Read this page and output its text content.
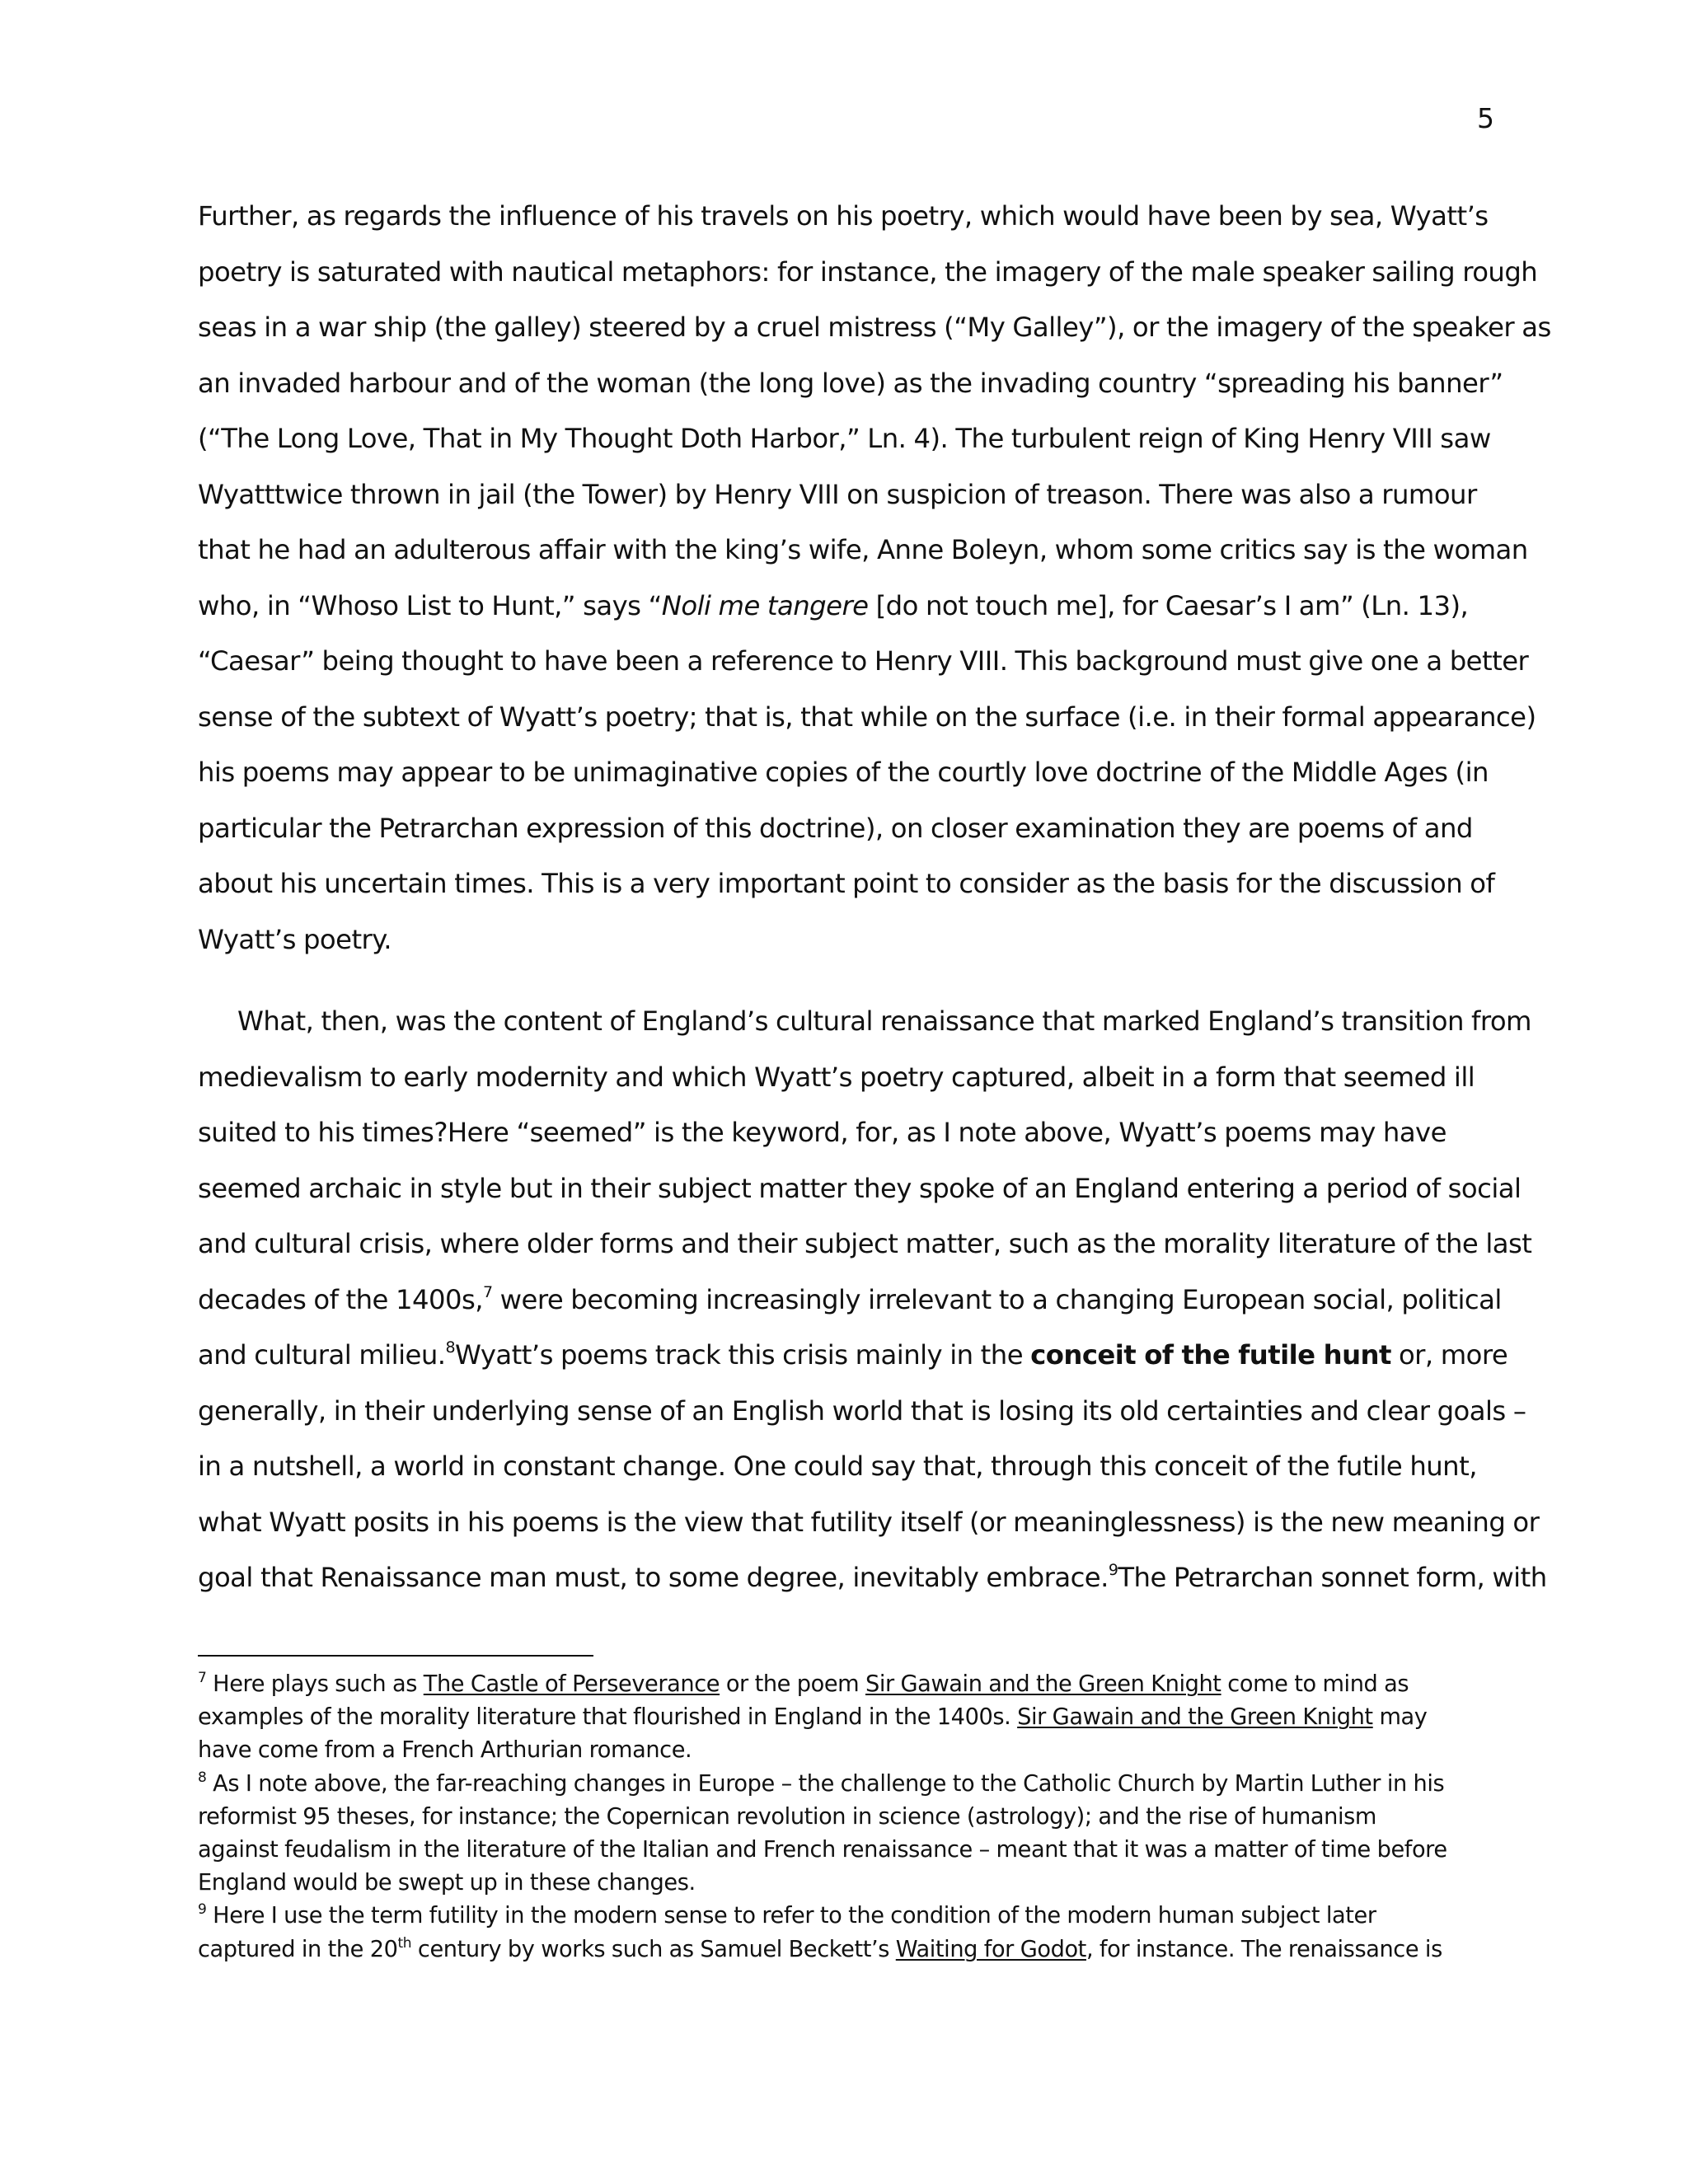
5
Further, as regards the influence of his travels on his poetry, which would have been by sea, Wyatt’s
poetry is saturated with nautical metaphors: for instance, the imagery of the male speaker sailing rough
seas in a war ship (the galley) steered by a cruel mistress (“My Galley”), or the imagery of the speaker as
an invaded harbour and of the woman (the long love) as the invading country “spreading his banner”
(“The Long Love, That in My Thought Doth Harbor,” Ln. 4). The turbulent reign of King Henry VIII saw
Wyatttwice thrown in jail (the Tower) by Henry VIII on suspicion of treason. There was also a rumour
that he had an adulterous affair with the king’s wife, Anne Boleyn, whom some critics say is the woman
who, in “Whoso List to Hunt,” says “Noli me tangere [do not touch me], for Caesar’s I am” (Ln. 13),
“Caesar” being thought to have been a reference to Henry VIII. This background must give one a better
sense of the subtext of Wyatt’s poetry; that is, that while on the surface (i.e. in their formal appearance)
his poems may appear to be unimaginative copies of the courtly love doctrine of the Middle Ages (in
particular the Petrarchan expression of this doctrine), on closer examination they are poems of and
about his uncertain times. This is a very important point to consider as the basis for the discussion of
Wyatt’s poetry.
What, then, was the content of England’s cultural renaissance that marked England’s transition from
medievalism to early modernity and which Wyatt’s poetry captured, albeit in a form that seemed ill
suited to his times?Here “seemed” is the keyword, for, as I note above, Wyatt’s poems may have
seemed archaic in style but in their subject matter they spoke of an England entering a period of social
and cultural crisis, where older forms and their subject matter, such as the morality literature of the last
decades of the 1400s,$^7$ were becoming increasingly irrelevant to a changing European social, political
and cultural milieu.$^8$Wyatt’s poems track this crisis mainly in the conceit of the futile hunt or, more
generally, in their underlying sense of an English world that is losing its old certainties and clear goals –
in a nutshell, a world in constant change. One could say that, through this conceit of the futile hunt,
what Wyatt posits in his poems is the view that futility itself (or meaninglessness) is the new meaning or
goal that Renaissance man must, to some degree, inevitably embrace.$^9$The Petrarchan sonnet form, with
$^7$ Here plays such as The Castle of Perseverance or the poem Sir Gawain and the Green Knight come to mind as
examples of the morality literature that flourished in England in the 1400s. Sir Gawain and the Green Knight may
have come from a French Arthurian romance.
$^8$ As I note above, the far-reaching changes in Europe – the challenge to the Catholic Church by Martin Luther in his
reformist 95 theses, for instance; the Copernican revolution in science (astrology); and the rise of humanism
against feudalism in the literature of the Italian and French renaissance – meant that it was a matter of time before
England would be swept up in these changes.
$^9$ Here I use the term futility in the modern sense to refer to the condition of the modern human subject later
captured in the 20th century by works such as Samuel Beckett’s Waiting for Godot, for instance. The renaissance is
